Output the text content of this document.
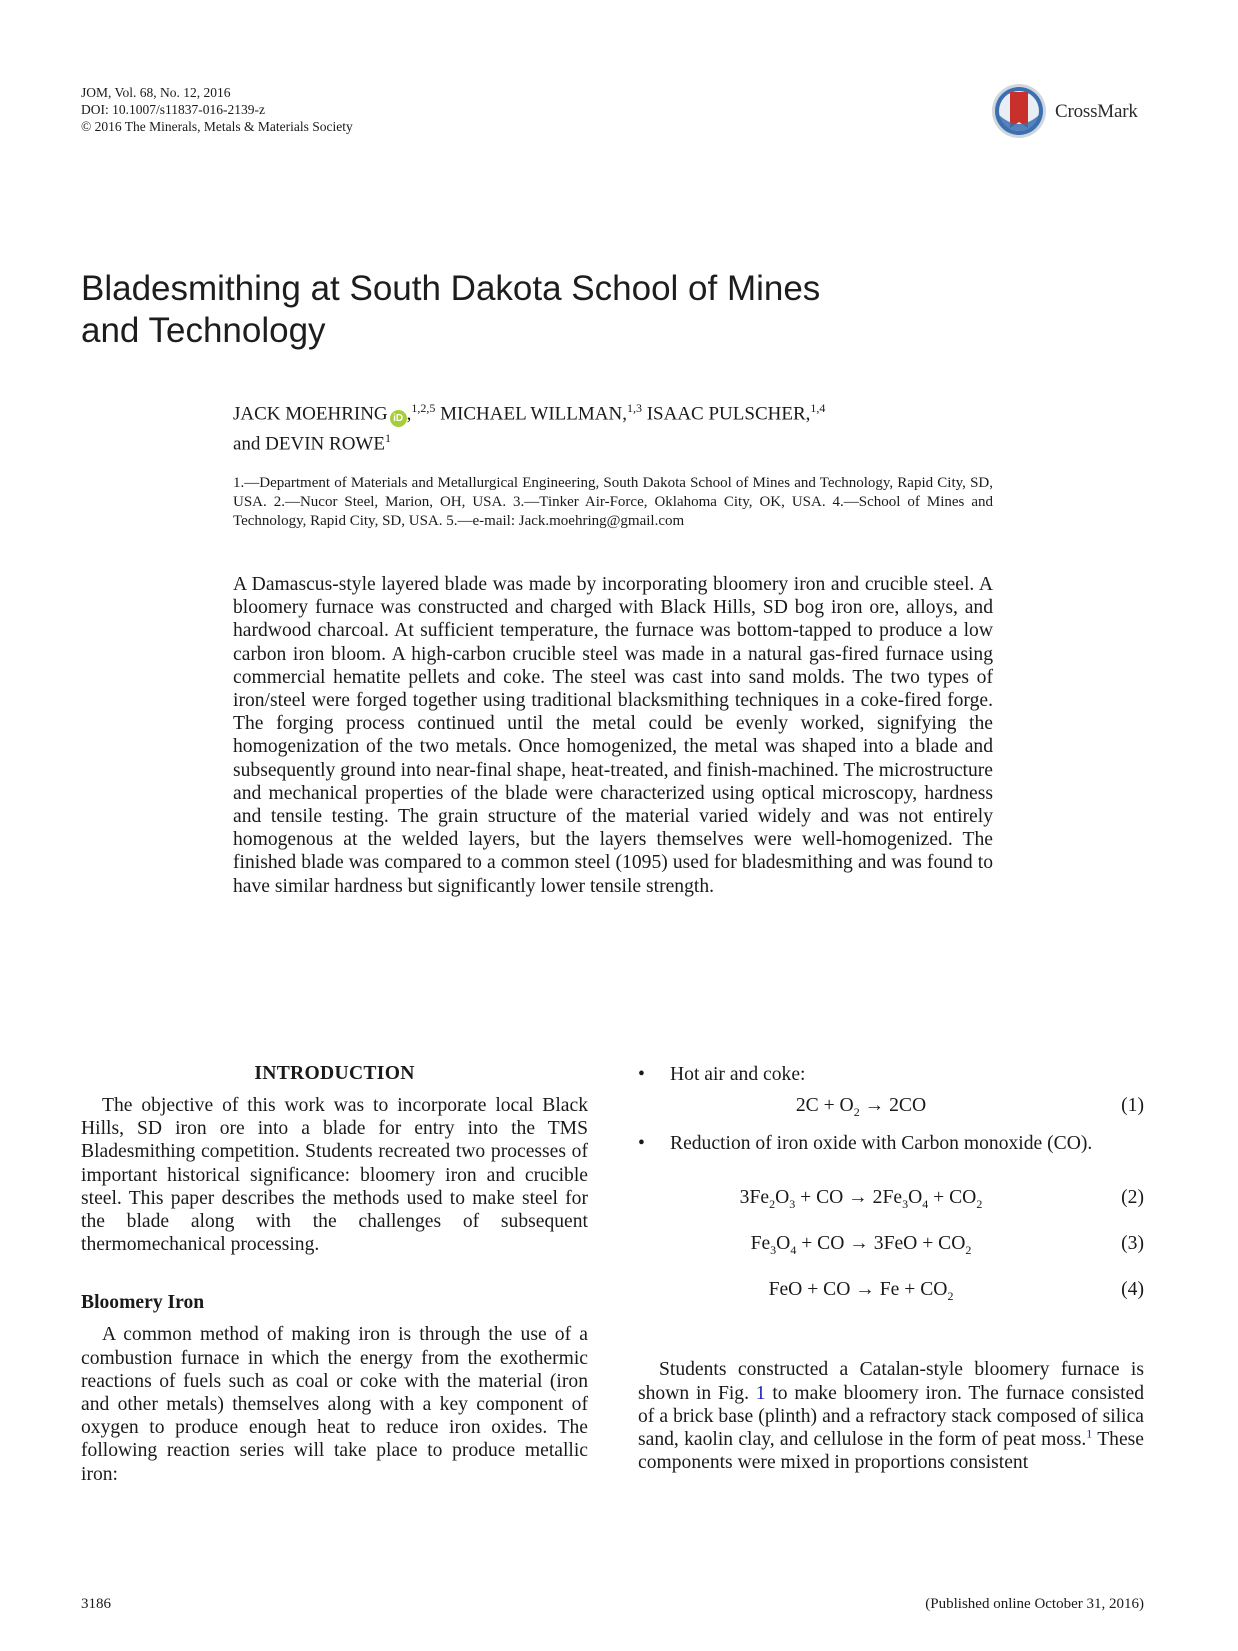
JOM, Vol. 68, No. 12, 2016
DOI: 10.1007/s11837-016-2139-z
© 2016 The Minerals, Metals & Materials Society
CrossMark
Bladesmithing at South Dakota School of Mines
and Technology
JACK MOEHRING iD ,$^{1,2,5}$ MICHAEL WILLMAN,$^{1,3}$ ISAAC PULSCHER,$^{1,4}$
and DEVIN ROWE$^1$
1.—Department of Materials and Metallurgical Engineering, South Dakota School of Mines and Technology, Rapid City, SD, USA. 2.—Nucor Steel, Marion, OH, USA. 3.—Tinker Air-Force, Oklahoma City, OK, USA. 4.—School of Mines and Technology, Rapid City, SD, USA. 5.—e-mail: Jack.moehring@gmail.com
A Damascus-style layered blade was made by incorporating bloomery iron and crucible steel. A bloomery furnace was constructed and charged with Black Hills, SD bog iron ore, alloys, and hardwood charcoal. At sufficient temperature, the furnace was bottom-tapped to produce a low carbon iron bloom. A high-carbon crucible steel was made in a natural gas-fired furnace using commercial hematite pellets and coke. The steel was cast into sand molds. The two types of iron/steel were forged together using traditional blacksmithing techniques in a coke-fired forge. The forging process continued until the metal could be evenly worked, signifying the homogenization of the two metals. Once homogenized, the metal was shaped into a blade and subsequently ground into near-final shape, heat-treated, and finish-machined. The microstructure and mechanical properties of the blade were characterized using optical microscopy, hardness and tensile testing. The grain structure of the material varied widely and was not entirely homogenous at the welded layers, but the layers themselves were well-homogenized. The finished blade was compared to a common steel (1095) used for bladesmithing and was found to have similar hardness but significantly lower tensile strength.
INTRODUCTION

The objective of this work was to incorporate local Black Hills, SD iron ore into a blade for entry into the TMS Bladesmithing competition. Students recreated two processes of important historical significance: bloomery iron and crucible steel. This paper describes the methods used to make steel for the blade along with the challenges of subsequent thermomechanical processing.

Bloomery Iron

A common method of making iron is through the use of a combustion furnace in which the energy from the exothermic reactions of fuels such as coal or coke with the material (iron and other metals) themselves along with a key component of oxygen to produce enough heat to reduce iron oxides. The following reaction series will take place to produce metallic iron:

• Hot air and coke:
$2C + O_2 \to 2CO$	(1)
• Reduction of iron oxide with Carbon monoxide (CO).
$3Fe_2O_3$ + CO → $2Fe_3O_4 + CO_2$	(2)
$Fe_3O_4$ + CO → $3FeO + CO_2$	(3)
FeO + CO → $Fe + CO_2$	(4)

Students constructed a Catalan-style bloomery furnace is shown in Fig. 1 to make bloomery iron. The furnace consisted of a brick base (plinth) and a refractory stack composed of silica sand, kaolin clay, and cellulose in the form of peat moss.$^1$ These components were mixed in proportions consistent

3186	(Published online October 31, 2016)
